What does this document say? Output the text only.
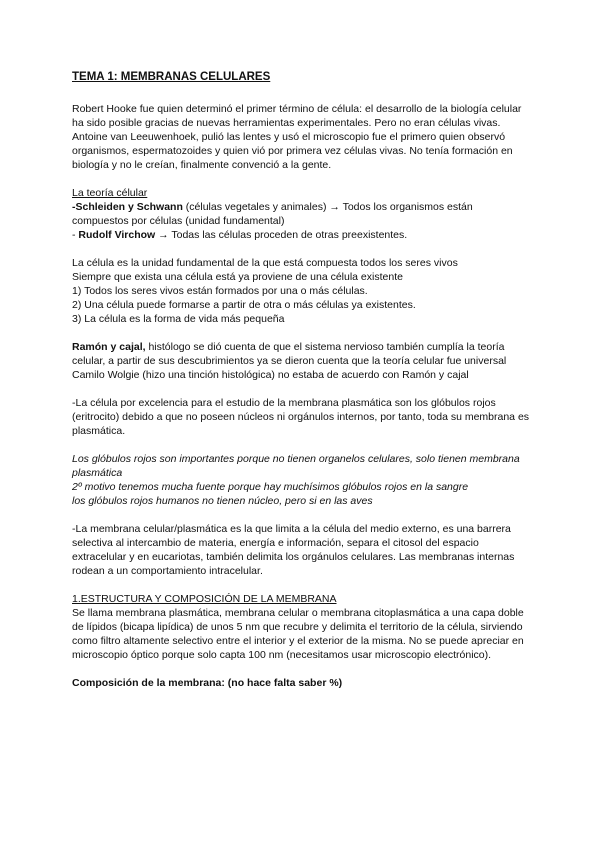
TEMA 1: MEMBRANAS CELULARES

Robert Hooke fue quien determinó el primer término de célula: el desarrollo de la biología celular ha sido posible gracias de nuevas herramientas experimentales. Pero no eran células vivas.

Antoine van Leeuwenhoek, pulió las lentes y usó el microscopio fue el primero quien observó organismos, espermatozoides y quien vió por primera vez células vivas. No tenía formación en biología y no le creían, finalmente convenció a la gente.

La teoría célular

-Schleiden y Schwann (células vegetales y animales) → Todos los organismos están compuestos por células (unidad fundamental)

- Rudolf Virchow → Todas las células proceden de otras preexistentes.

La célula es la unidad fundamental de la que está compuesta todos los seres vivos

Siempre que exista una célula está ya proviene de una célula existente

1) Todos los seres vivos están formados por una o más células.

2) Una célula puede formarse a partir de otra o más células ya existentes.

3) La célula es la forma de vida más pequeña

Ramón y cajal, histólogo se dió cuenta de que el sistema nervioso también cumplía la teoría celular, a partir de sus descubrimientos ya se dieron cuenta que la teoría celular fue universal

Camilo Wolgie (hizo una tinción histológica) no estaba de acuerdo con Ramón y cajal

-La célula por excelencia para el estudio de la membrana plasmática son los glóbulos rojos (eritrocito) debido a que no poseen núcleos ni orgánulos internos, por tanto, toda su membrana es plasmática.

Los glóbulos rojos son importantes porque no tienen organelos celulares, solo tienen membrana plasmática

2º motivo tenemos mucha fuente porque hay muchísimos glóbulos rojos en la sangre

los glóbulos rojos humanos no tienen núcleo, pero si en las aves

-La membrana celular/plasmática es la que limita a la célula del medio externo, es una barrera selectiva al intercambio de materia, energía e información, separa el citosol del espacio extracelular y en eucariotas, también delimita los orgánulos celulares. Las membranas internas rodean a un comportamiento intracelular.

1.ESTRUCTURA Y COMPOSICIÓN DE LA MEMBRANA

Se llama membrana plasmática, membrana celular o membrana citoplasmática a una capa doble de lípidos (bicapa lipídica) de unos 5 nm que recubre y delimita el territorio de la célula, sirviendo como filtro altamente selectivo entre el interior y el exterior de la misma. No se puede apreciar en microscopio óptico porque solo capta 100 nm (necesitamos usar microscopio electrónico).

Composición de la membrana: (no hace falta saber %)
